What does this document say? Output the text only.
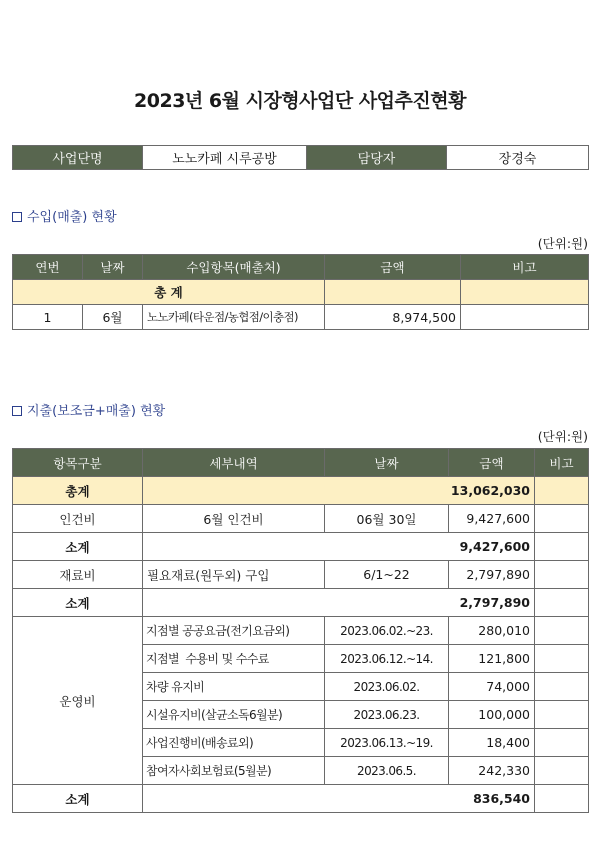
2023년 6월 시장형사업단 사업추진현황
사업단명	노노카페 시루공방	담당자	장경숙
수입(매출) 현황
(단위:원)
연번	날짜	수입항목(매출처)	금액	비고
총 계				
1	6월	노노카페(타운점/농협점/이충점)	8,974,500	
지출(보조금+매출) 현황
(단위:원)
항목구분	세부내역	날짜	금액	비고
총계	13,062,030			
인건비	6월 인건비	06월 30일	9,427,600	
소계	9,427,600			
재료비	필요재료(원두외) 구입	6/1~22	2,797,890	
소계	2,797,890			
운영비	지점별 공공요금(전기요금외)	2023.06.02.~23.	280,010	
	지점별  수용비 및 수수료	2023.06.12.~14.	121,800	
	차량 유지비	2023.06.02.	74,000	
	시설유지비(살균소독6월분)	2023.06.23.	100,000	
	사업진행비(배송료외)	2023.06.13.~19.	18,400	
	참여자사회보험료(5월분)	2023.06.5.	242,330	
소계	836,540			
